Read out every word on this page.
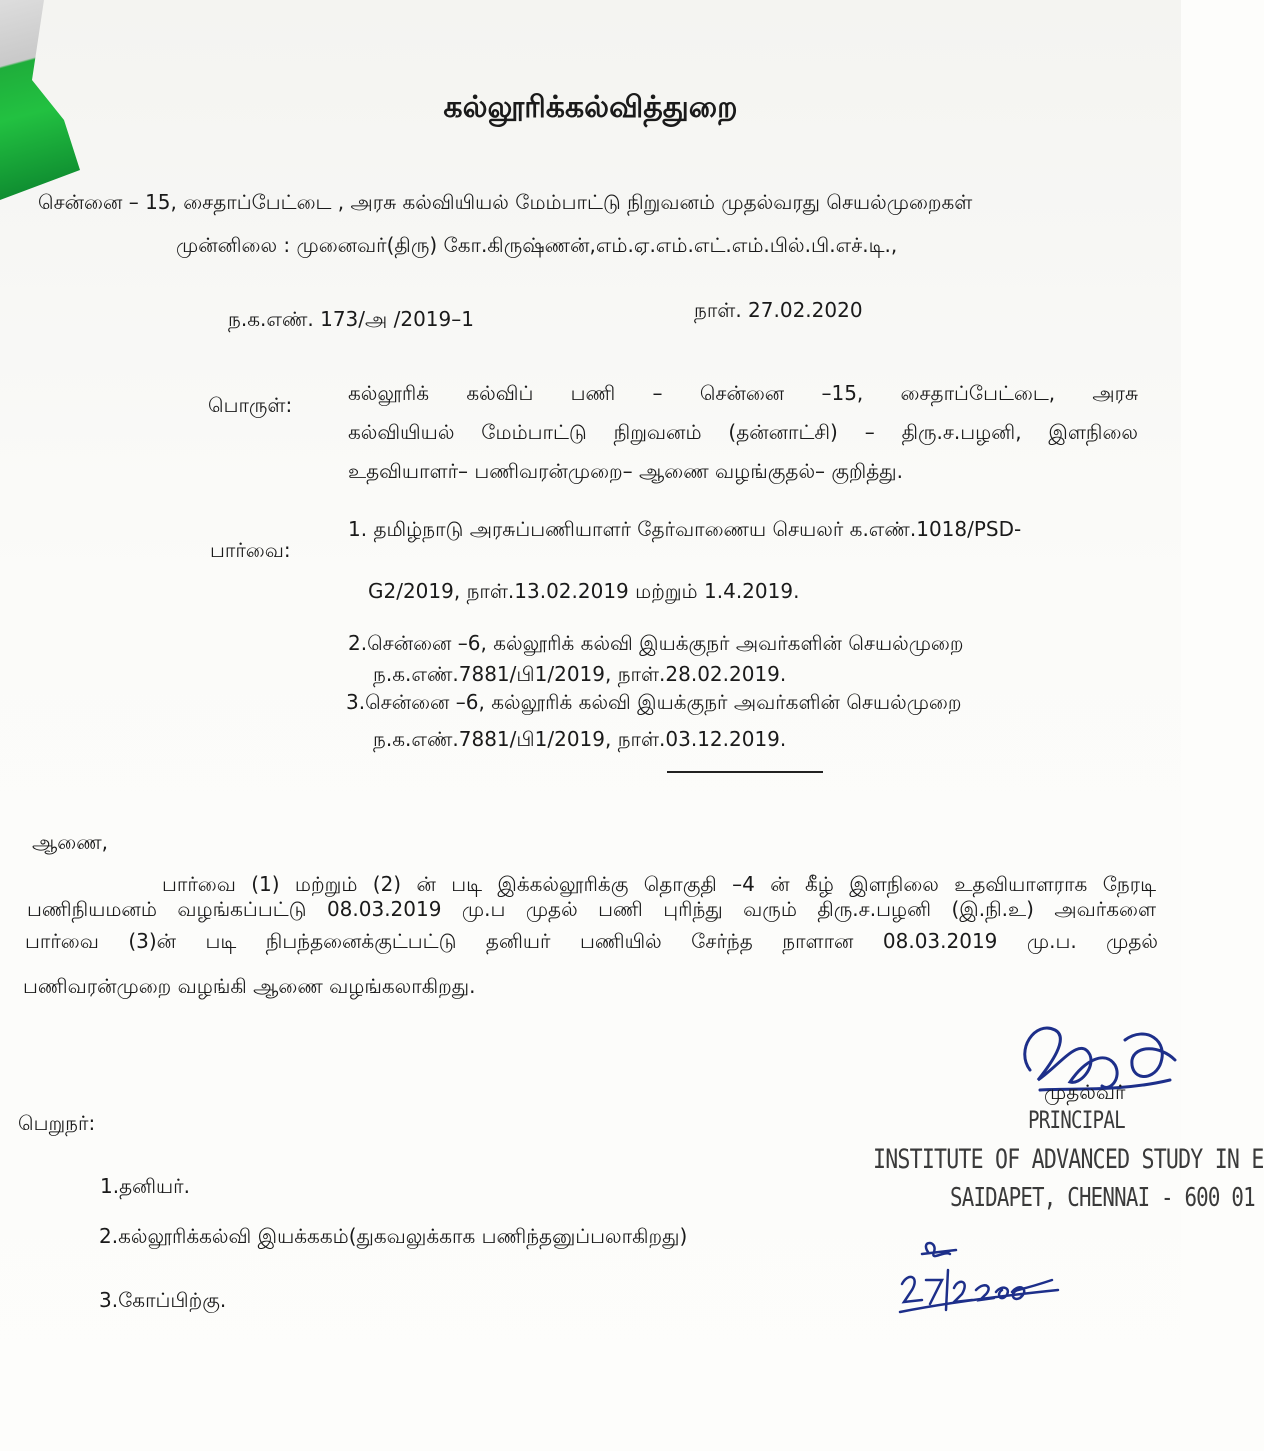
கல்லூரிக்கல்வித்துறை
சென்னை – 15, சைதாப்பேட்டை , அரசு கல்வியியல் மேம்பாட்டு நிறுவனம் முதல்வரது செயல்முறைகள்
முன்னிலை : முனைவர்(திரு) கோ.கிருஷ்ணன்,எம்.ஏ.எம்.எட்.எம்.பில்.பி.எச்.டி.,
ந.க.எண். 173/அ /2019–1	நாள். 27.02.2020
பொருள்:	கல்லூரிக் கல்விப் பணி – சென்னை –15, சைதாப்பேட்டை, அரசு
கல்வியியல் மேம்பாட்டு நிறுவனம் (தன்னாட்சி) – திரு.ச.பழனி, இளநிலை
உதவியாளர்– பணிவரன்முறை– ஆணை வழங்குதல்– குறித்து.
பார்வை:
1. தமிழ்நாடு அரசுப்பணியாளர் தேர்வாணைய செயலர் க.எண்.1018/PSD-
G2/2019, நாள்.13.02.2019 மற்றும் 1.4.2019.
2.சென்னை –6, கல்லூரிக் கல்வி இயக்குநர் அவர்களின் செயல்முறை
ந.க.எண்.7881/பி1/2019, நாள்.28.02.2019.
3.சென்னை –6, கல்லூரிக் கல்வி இயக்குநர் அவர்களின் செயல்முறை
ந.க.எண்.7881/பி1/2019, நாள்.03.12.2019.
ஆணை,
பார்வை (1) மற்றும் (2) ன் படி இக்கல்லூரிக்கு தொகுதி –4 ன் கீழ் இளநிலை உதவியாளராக நேரடி
பணிநியமனம் வழங்கப்பட்டு 08.03.2019 மு.ப முதல் பணி புரிந்து வரும் திரு.ச.பழனி (இ.நி.உ) அவர்களை
பார்வை (3)ன் படி நிபந்தனைக்குட்பட்டு தனியர் பணியில் சேர்ந்த நாளான 08.03.2019 மு.ப. முதல்
பணிவரன்முறை வழங்கி ஆணை வழங்கலாகிறது.
முதல்வர்
PRINCIPAL
INSTITUTE OF ADVANCED STUDY IN E
SAIDAPET, CHENNAI - 600 01
பெறுநர்:
1.தனியர்.
2.கல்லூரிக்கல்வி இயக்ககம்(துகவலுக்காக பணிந்தனுப்பலாகிறது)
3.கோப்பிற்கு.
